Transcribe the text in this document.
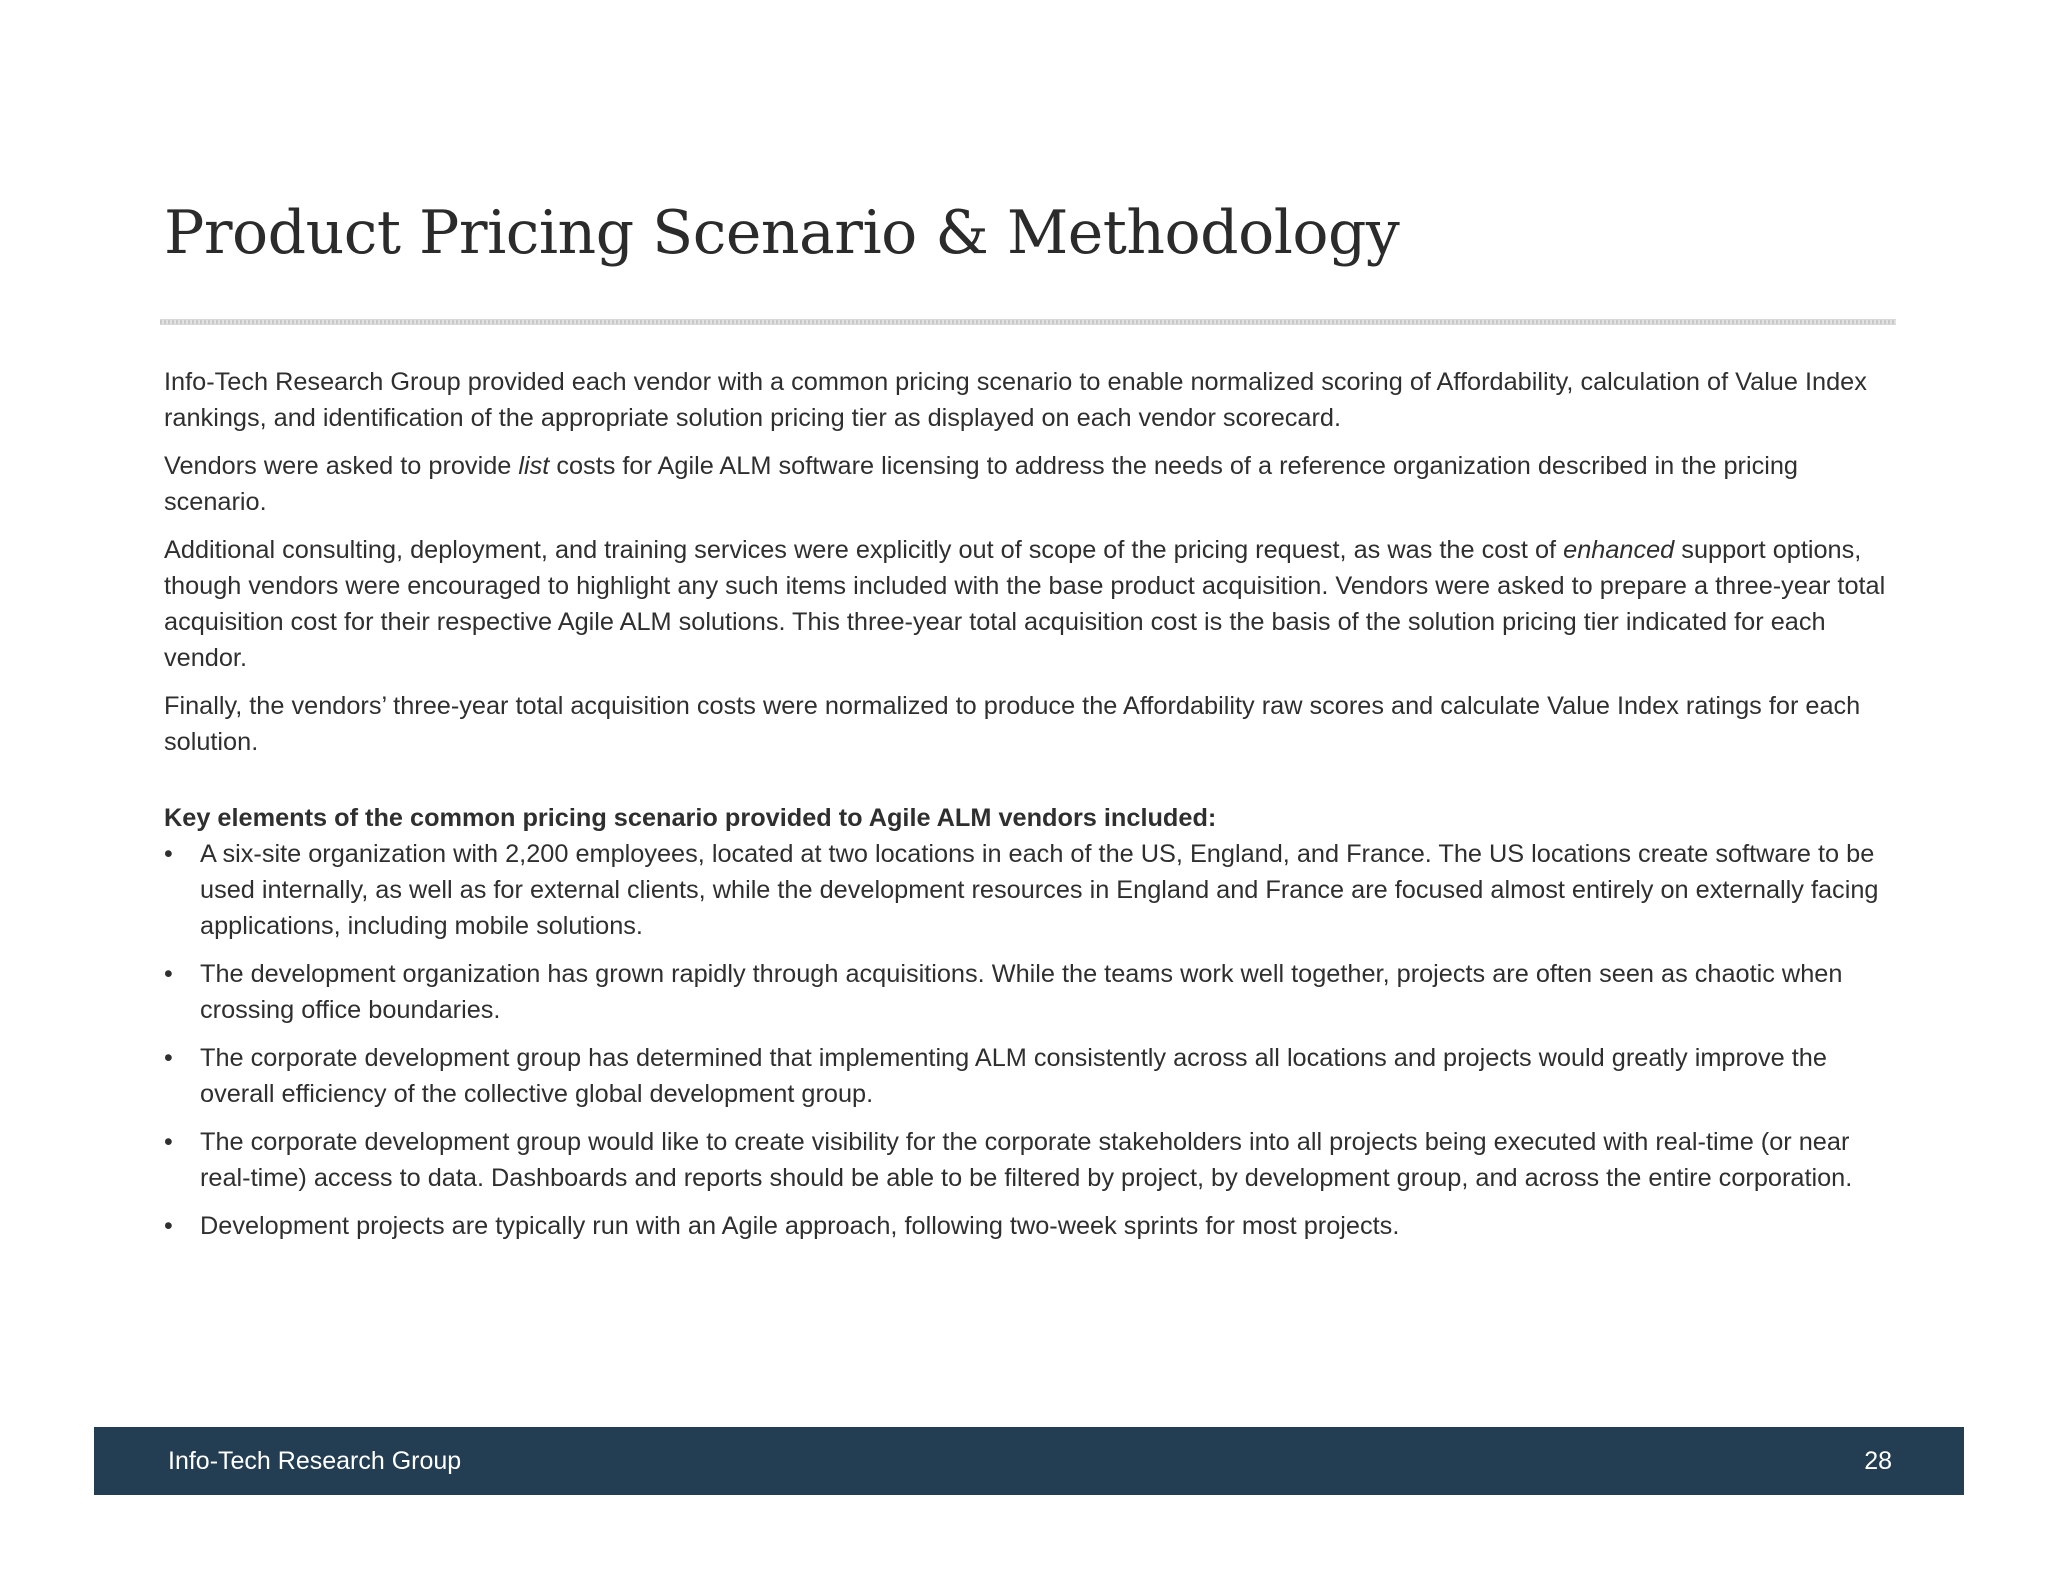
Product Pricing Scenario & Methodology

Info-Tech Research Group provided each vendor with a common pricing scenario to enable normalized scoring of Affordability, calculation of Value Index rankings, and identification of the appropriate solution pricing tier as displayed on each vendor scorecard.

Vendors were asked to provide list costs for Agile ALM software licensing to address the needs of a reference organization described in the pricing scenario.

Additional consulting, deployment, and training services were explicitly out of scope of the pricing request, as was the cost of enhanced support options, though vendors were encouraged to highlight any such items included with the base product acquisition. Vendors were asked to prepare a three-year total acquisition cost for their respective Agile ALM solutions. This three-year total acquisition cost is the basis of the solution pricing tier indicated for each vendor.

Finally, the vendors’ three-year total acquisition costs were normalized to produce the Affordability raw scores and calculate Value Index ratings for each solution.

Key elements of the common pricing scenario provided to Agile ALM vendors included:

• A six-site organization with 2,200 employees, located at two locations in each of the US, England, and France. The US locations create software to be used internally, as well as for external clients, while the development resources in England and France are focused almost entirely on externally facing applications, including mobile solutions.
• The development organization has grown rapidly through acquisitions. While the teams work well together, projects are often seen as chaotic when crossing office boundaries.
• The corporate development group has determined that implementing ALM consistently across all locations and projects would greatly improve the overall efficiency of the collective global development group.
• The corporate development group would like to create visibility for the corporate stakeholders into all projects being executed with real-time (or near real-time) access to data. Dashboards and reports should be able to be filtered by project, by development group, and across the entire corporation.
• Development projects are typically run with an Agile approach, following two-week sprints for most projects.
Info-Tech Research Group	28
